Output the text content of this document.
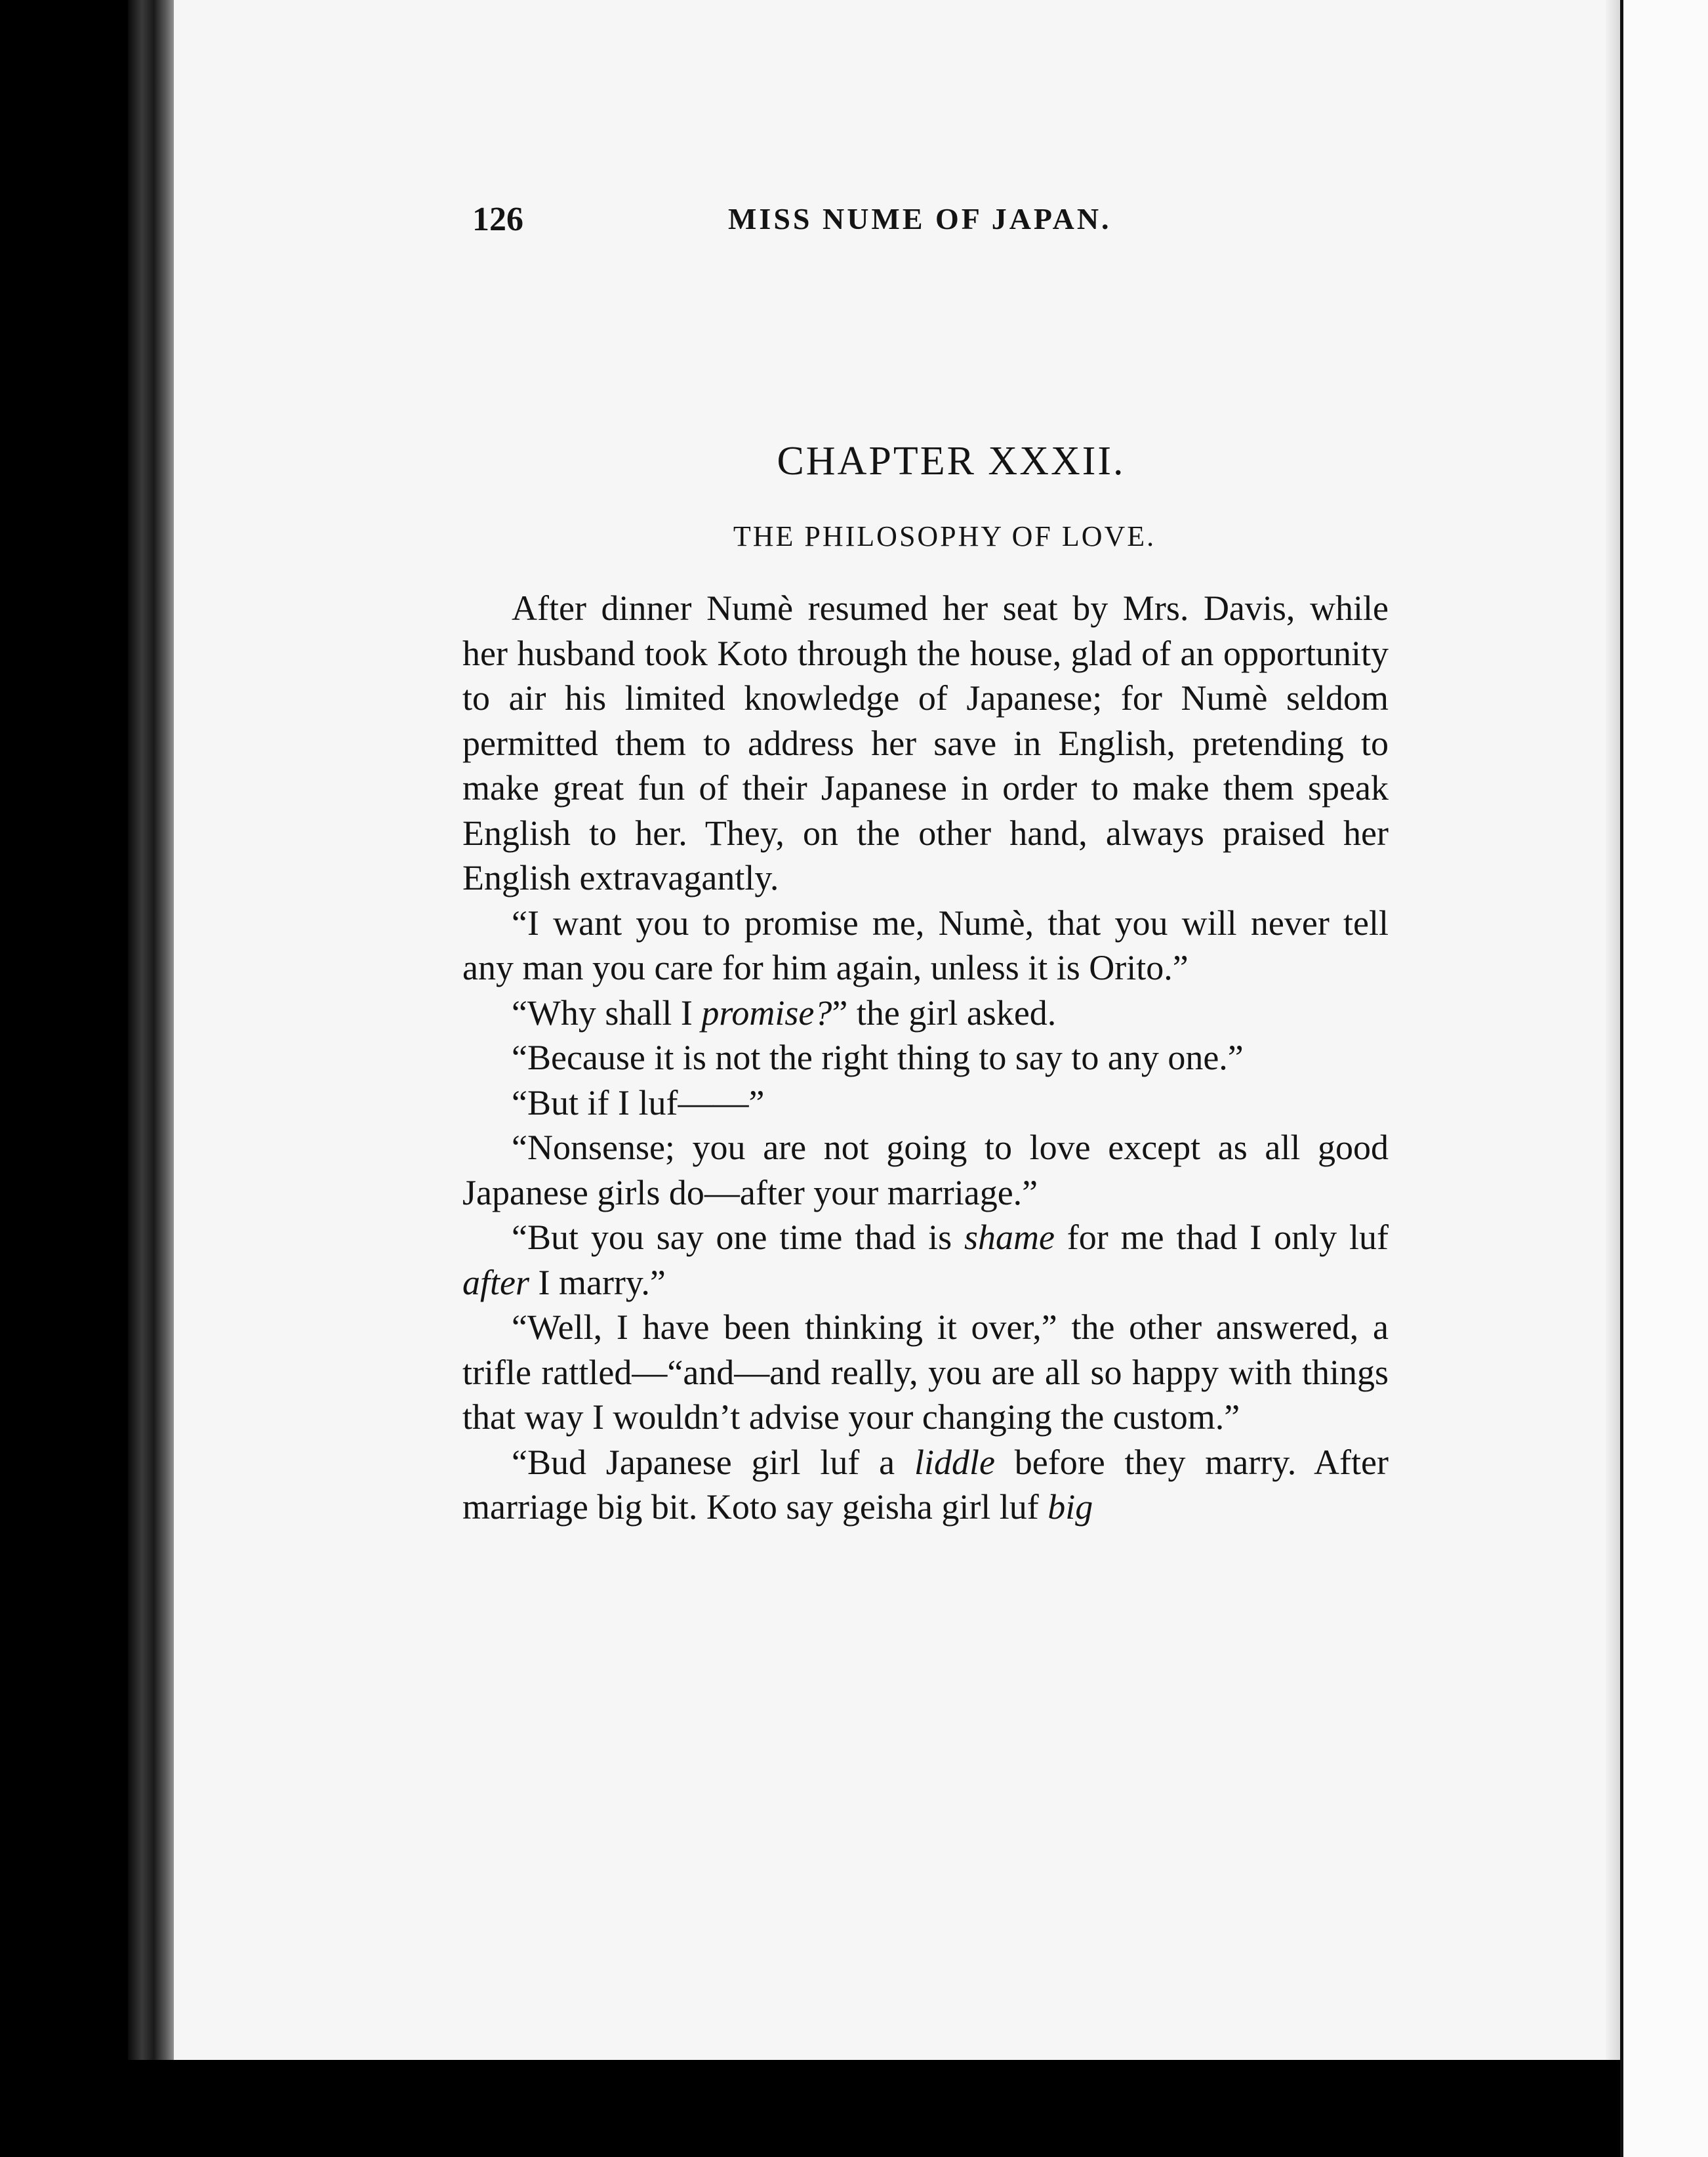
126	MISS NUME OF JAPAN.
CHAPTER XXXII.
THE PHILOSOPHY OF LOVE.

After dinner Numè resumed her seat by Mrs. Davis, while her husband took Koto through the house, glad of an opportunity to air his limited knowledge of Japanese; for Numè seldom permitted them to address her save in English, pretending to make great fun of their Japanese in order to make them speak English to her. They, on the other hand, always praised her English extravagantly.

“I want you to promise me, Numè, that you will never tell any man you care for him again, unless it is Orito.”

“Why shall I promise?” the girl asked.

“Because it is not the right thing to say to any one.”

“But if I luf——”

“Nonsense; you are not going to love except as all good Japanese girls do—after your marriage.”

“But you say one time thad is shame for me thad I only luf after I marry.”

“Well, I have been thinking it over,” the other answered, a trifle rattled—“and—and really, you are all so happy with things that way I wouldn’t advise your changing the custom.”

“Bud Japanese girl luf a liddle before they marry. After marriage big bit. Koto say geisha girl luf big
